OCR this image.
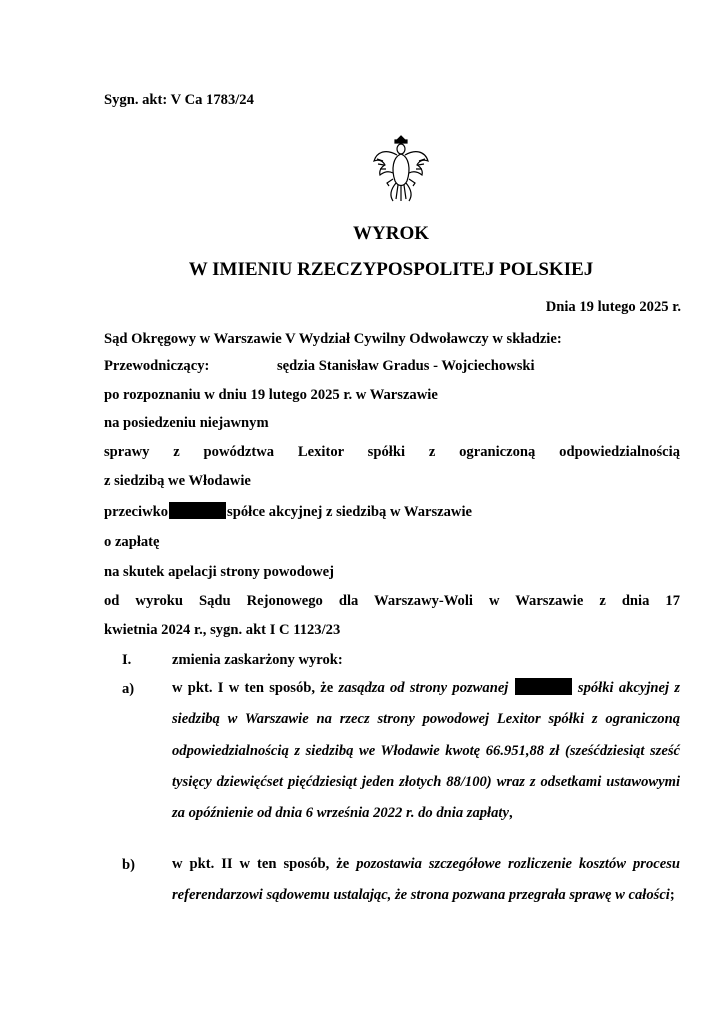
Sygn. akt: V Ca 1783/24
WYROK
W IMIENIU RZECZYPOSPOLITEJ POLSKIEJ
Dnia 19 lutego 2025 r.
Sąd Okręgowy w Warszawie V Wydział Cywilny Odwoławczy w składzie:
Przewodniczący:	sędzia Stanisław Gradus - Wojciechowski
po rozpoznaniu w dniu 19 lutego 2025 r. w Warszawie
na posiedzeniu niejawnym
sprawy z powództwa Lexitor spółki z ograniczoną odpowiedzialnością
z siedzibą we Włodawie
przeciwko	spółce akcyjnej z siedzibą w Warszawie
o zapłatę
na skutek apelacji strony powodowej
od wyroku Sądu Rejonowego dla Warszawy-Woli w Warszawie z dnia 17
kwietnia 2024 r., sygn. akt I C 1123/23
I.	zmienia zaskarżony wyrok:
a)	w pkt. I w ten sposób, że zasądza od strony pozwanej	spółki akcyjnej z siedzibą w Warszawie na rzecz strony powodowej Lexitor spółki z ograniczoną odpowiedzialnością z siedzibą we Włodawie kwotę 66.951,88 zł (sześćdziesiąt sześć tysięcy dziewięćset pięćdziesiąt jeden złotych 88/100) wraz z odsetkami ustawowymi za opóźnienie od dnia 6 września 2022 r. do dnia zapłaty,
b)	w pkt. II w ten sposób, że pozostawia szczegółowe rozliczenie kosztów procesu referendarzowi sądowemu ustalając, że strona pozwana przegrała sprawę w całości;
